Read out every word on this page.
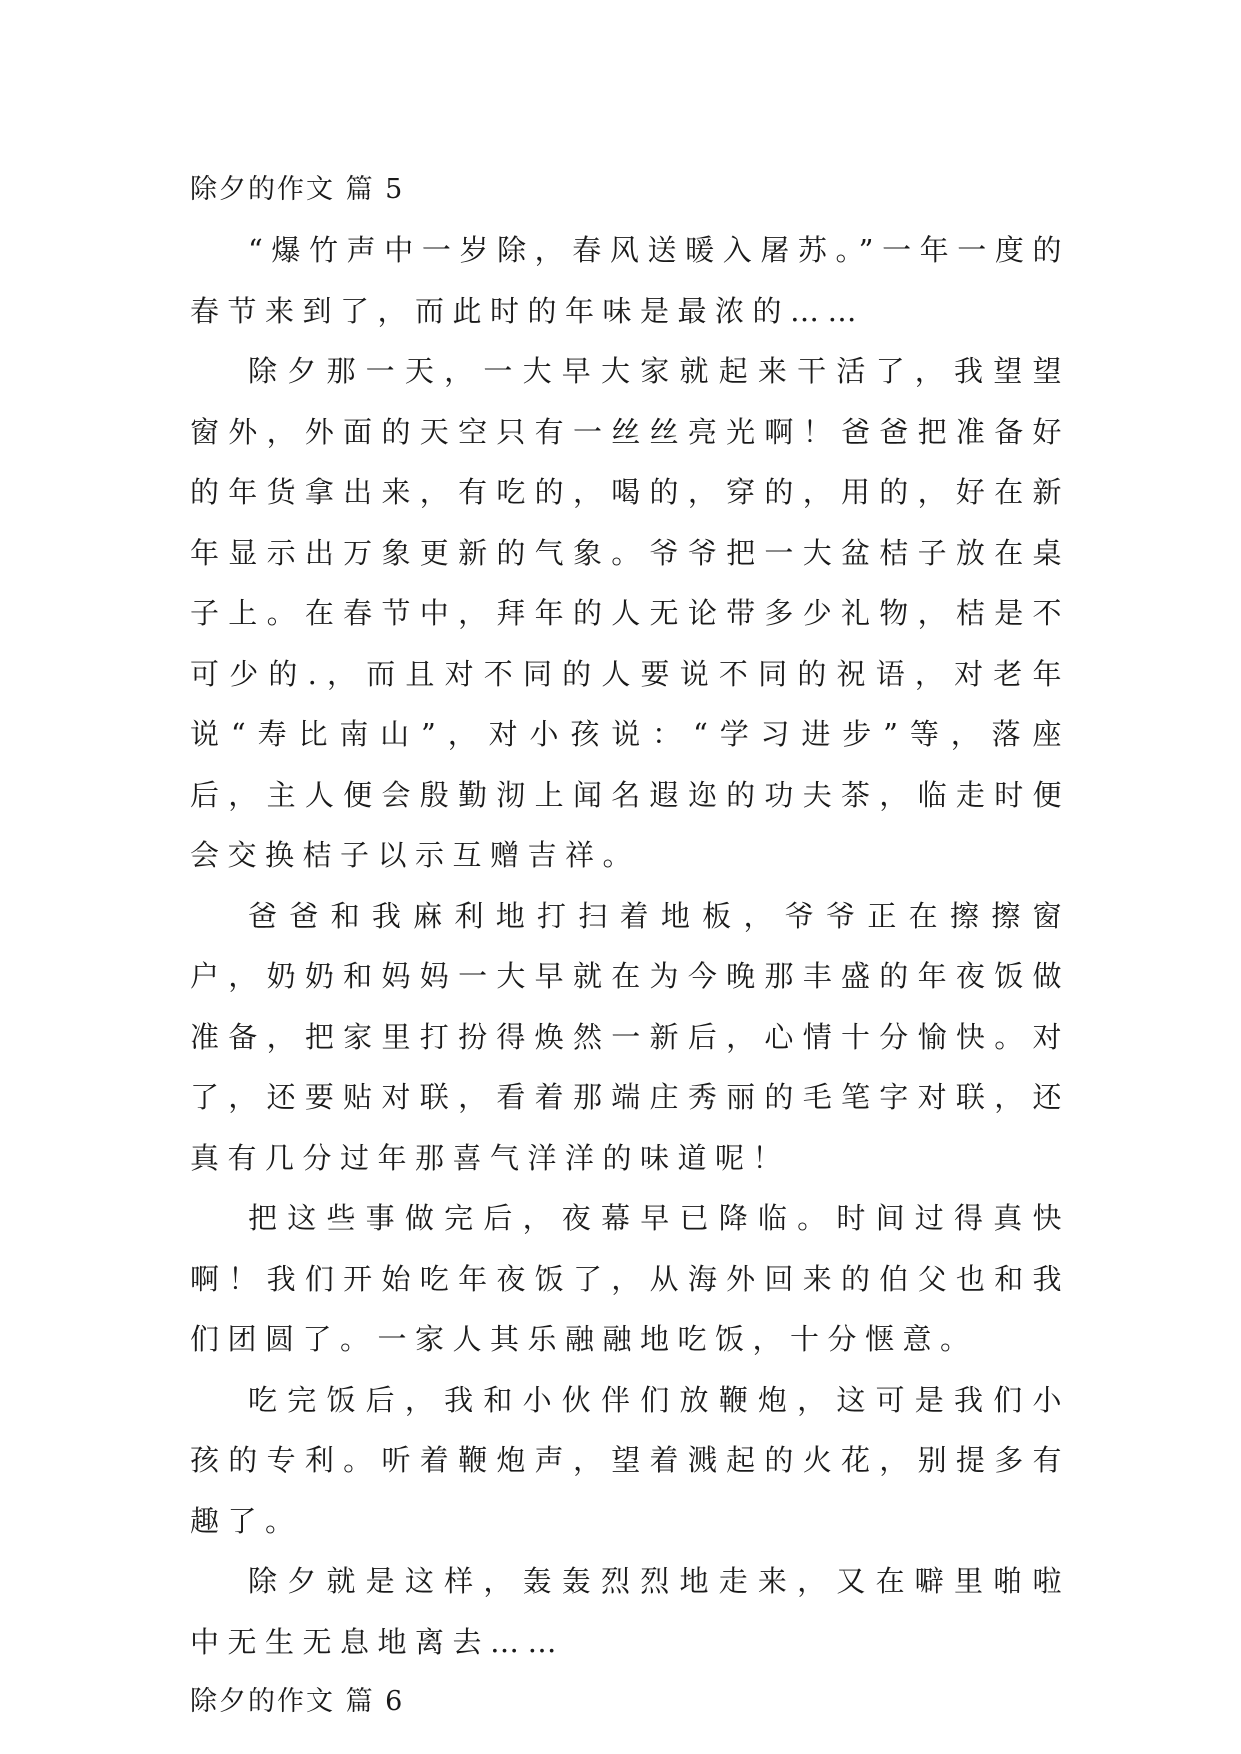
除夕的作文 篇 5

“爆竹声中一岁除，春风送暖入屠苏。”一年一度的春节来到了，而此时的年味是最浓的……

除夕那一天，一大早大家就起来干活了，我望望窗外，外面的天空只有一丝丝亮光啊！爸爸把准备好的年货拿出来，有吃的，喝的，穿的，用的，好在新年显示出万象更新的气象。爷爷把一大盆桔子放在桌子上。在春节中，拜年的人无论带多少礼物，桔是不可少的.，而且对不同的人要说不同的祝语，对老年说“寿比南山”，对小孩说：“学习进步”等，落座后，主人便会殷勤沏上闻名遐迩的功夫茶，临走时便会交换桔子以示互赠吉祥。

爸爸和我麻利地打扫着地板，爷爷正在擦擦窗户，奶奶和妈妈一大早就在为今晚那丰盛的年夜饭做准备，把家里打扮得焕然一新后，心情十分愉快。对了，还要贴对联，看着那端庄秀丽的毛笔字对联，还真有几分过年那喜气洋洋的味道呢！

把这些事做完后，夜幕早已降临。时间过得真快啊！我们开始吃年夜饭了，从海外回来的伯父也和我们团圆了。一家人其乐融融地吃饭，十分惬意。

吃完饭后，我和小伙伴们放鞭炮，这可是我们小孩的专利。听着鞭炮声，望着溅起的火花，别提多有趣了。

除夕就是这样，轰轰烈烈地走来，又在噼里啪啦中无生无息地离去……

除夕的作文 篇 6
